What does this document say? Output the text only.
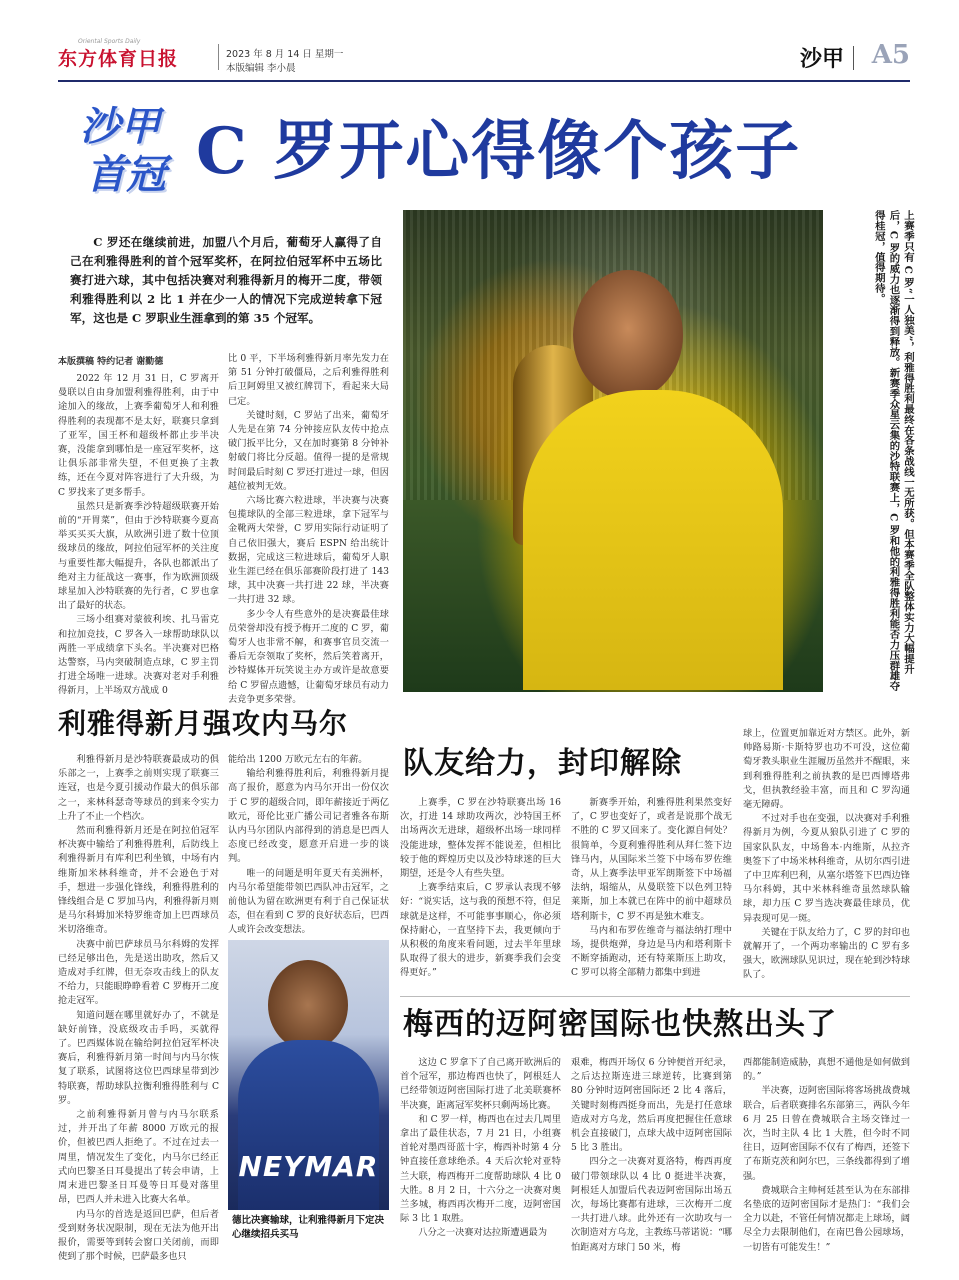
东方体育日报
Oriental Sports Daily
2023 年 8 月 14 日 星期一
本版编辑 李小晨	沙甲 A5
沙甲
首冠 C 罗开心得像个孩子
C 罗还在继续前进，加盟八个月后，葡萄牙人赢得了自己在利雅得胜利的首个冠军奖杯，在阿拉伯冠军杯中五场比赛打进六球，其中包括决赛对利雅得新月的梅开二度，带领利雅得胜利以 2 比 1 并在少一人的情况下完成逆转拿下冠军，这也是 C 罗职业生涯拿到的第 35 个冠军。	上赛季只有 C 罗“一人独美”，利雅得胜利最终在各条战线一无所获。但本赛季全队整体实力大幅提升后，C 罗的威力也逐渐得到释放。新赛季众星云集的沙特联赛上，C 罗和他的利雅得胜利能否力压群雄夺得桂冠，值得期待。
本版撰稿 特约记者 谢勤德
2022 年 12 月 31 日，C 罗离开曼联以自由身加盟利雅得胜利，由于中途加入的缘故，上赛季葡萄牙人和利雅得胜利的表现都不是太好，联赛只拿到了亚军，国王杯和超级杯都止步半决赛，没能拿到哪怕是一座冠军奖杯，这让俱乐部非常失望，不但更换了主教练，还在今夏对阵容进行了大升级，为 C 罗找来了更多帮手。
虽然只是新赛季沙特超级联赛开始前的“开胃菜”，但由于沙特联赛今夏高举买买买大旗，从欧洲引进了数十位顶级球员的缘故，阿拉伯冠军杯的关注度与重要性都大幅提升，各队也都派出了绝对主力征战这一赛事，作为欧洲顶级球星加入沙特联赛的先行者，C 罗也拿出了最好的状态。
三场小组赛对蒙彼利埃、扎马雷克和拉加竞技，C 罗各入一球帮助球队以两胜一平成绩拿下头名。半决赛对巴格达警察，马内突破制造点球，C 罗主罚打进全场唯一进球。决赛对老对手利雅得新月，上半场双方战成 0
比 0 平，下半场利雅得新月率先发力在第 51 分钟打破僵局，之后利雅得胜利后卫阿姆里又被红牌罚下，看起来大局已定。
关键时刻，C 罗站了出来，葡萄牙人先是在第 74 分钟接应队友传中抢点破门扳平比分，又在加时赛第 8 分钟补射破门将比分反超。值得一提的是常规时间最后时刻 C 罗还打进过一球，但因越位被判无效。
六场比赛六粒进球，半决赛与决赛包揽球队的全部三粒进球，拿下冠军与金靴两大荣誉，C 罗用实际行动证明了自己依旧强大，赛后 ESPN 给出统计数据，完成这三粒进球后，葡萄牙人职业生涯已经在俱乐部赛阶段打进了 143 球，其中决赛一共打进 22 球，半决赛一共打进 32 球。
多少令人有些意外的是决赛最佳球员荣誉却没有授予梅开二度的 C 罗，葡萄牙人也非常不解，和赛事官员交流一番后无奈领取了奖杯，然后笑着离开，沙特媒体开玩笑说主办方或许是故意要给 C 罗留点遗憾，让葡萄牙球员有动力去竞争更多荣誉。
利雅得新月强攻内马尔
利雅得新月是沙特联赛最成功的俱乐部之一，上赛季之前则实现了联赛三连冠，也是今夏引援动作最大的俱乐部之一，来林科瑟奇等球员的到来令实力上升了不止一个档次。
然而利雅得新月还是在阿拉伯冠军杯决赛中输给了利雅得胜利，后防线上利雅得新月有库利巴利坐镇，中场有内维斯加米林科维奇，并不会逊色于对手，想进一步强化锋线，利雅得胜利的锋线组合是 C 罗加马内，利雅得新月则是马尔科姆加米特罗维奇加上巴西球员米切洛维奇。
决赛中前巴萨球员马尔科姆的发挥已经足够出色，先是送出助攻，然后又造成对手红牌，但无奈攻击线上的队友不给力，只能眼睁睁看着 C 罗梅开二度抢走冠军。
知道问题在哪里就好办了，不就是缺好前锋，没底级攻击手吗，买就得了。巴西媒体说在输给阿拉伯冠军杯决赛后，利雅得新月第一时间与内马尔恢复了联系，试图将这位巴西球星带到沙特联赛，帮助球队拉衡利雅得胜利与 C 罗。
之前利雅得新月曾与内马尔联系过，并开出了年薪 8000 万欧元的报价，但被巴西人拒绝了。不过在过去一周里，情况发生了变化，内马尔已经正式向巴黎圣日耳曼提出了转会申请，上周末进巴黎圣日耳曼等日耳曼对落里昂，巴西人并未进入比赛大名单。
内马尔的首选是返回巴萨，但后者受到财务状况限制，现在无法为他开出报价，需要等到转会窗口关闭前，而即使到了那个时候，巴萨最多也只
能给出 1200 万欧元左右的年薪。
输给利雅得胜利后，利雅得新月提高了报价，愿意为内马尔开出一份仅次于 C 罗的超级合同，即年薪接近于两亿欧元，哥伦比亚广播公司记者雅各布斯认内马尔团队内部得到的消息是巴西人态度已经改变，愿意开启进一步的谈判。
唯一的问题是明年夏天有美洲杯，内马尔希望能带领巴西队冲击冠军，之前他认为留在欧洲更有利于自己保证状态，但在看到 C 罗的良好状态后，巴西人或许会改变想法。
NEYMAR
德比决赛输球，让利雅得新月下定决心继续招兵买马
队友给力，封印解除
上赛季，C 罗在沙特联赛出场 16 次，打进 14 球助攻两次，沙特国王杯出场两次无进球，超级杯出场一球同样没能进球，整体发挥不能说差，但相比较于他的辉煌历史以及沙特球迷的巨大期望，还是令人有些失望。
上赛季结束后，C 罗承认表现不够好：“说实话，这与我的预想不符，但足球就是这样，不可能事事顺心，你必须保持耐心，一直坚持下去，我更倾向于从积极的角度来看问题，过去半年里球队取得了很大的进步，新赛季我们会变得更好。”
新赛季开始，利雅得胜利果然变好了，C 罗也变好了，或者是说那个战无不胜的 C 罗又回来了。变化源自何处？很简单，今夏利雅得胜利从拜仁签下边锋马内，从国际米兰签下中场布罗佐维奇，从上赛季法甲亚军朗斯签下中场福法纳，塌缩从，从曼联签下以色列卫特莱斯，加上本就已在阵中的前中超球员塔利斯卡，C 罗不再是独木难支。
马内和布罗佐维奇与福法纳打理中场，提供炮弹，身边是马内和塔利斯卡不断穿插跑动，还有特莱斯压上助攻，C 罗可以将全部精力都集中到进
球上，位置更加靠近对方禁区。此外，新帅路易斯·卡斯特罗也功不可没，这位葡萄牙教头职业生涯履历虽然并不醒眼，来到利雅得胜利之前执教的是巴西博塔弗戈，但执教经验丰富，而且和 C 罗沟通毫无障碍。
不过对手也在变强，以决赛对手利雅得新月为例，今夏从狼队引进了 C 罗的国家队队友，中场鲁本·内维斯，从拉齐奥签下了中场米林科维奇，从切尔西引进了中卫库利巴利，从塞尔塔签下巴西边锋马尔科姆，其中米林科维奇虽然球队输球，却力压 C 罗当选决赛最佳球员，优异表现可见一斑。
关键在于队友给力了，C 罗的封印也就解开了，一个两功率输出的 C 罗有多强大，欧洲球队见识过，现在轮到沙特球队了。
梅西的迈阿密国际也快熬出头了
这边 C 罗拿下了自己离开欧洲后的首个冠军，那边梅西也快了，阿根廷人已经带领迈阿密国际打进了北美联赛杯半决赛，距离冠军奖杯只剩两场比赛。
和 C 罗一样，梅西也在过去几周里拿出了最佳状态，7 月 21 日，小组赛首轮对墨西哥蓝十字，梅西补时第 4 分钟直接任意球绝杀。4 天后次轮对亚特兰大联，梅西梅开二度帮助球队 4 比 0 大胜。8 月 2 日，十六分之一决赛对奥兰多城，梅西再次梅开二度，迈阿密国际 3 比 1 取胜。
八分之一决赛对达拉斯遭遇最为
艰难，梅西开场仅 6 分钟便首开纪录，之后达拉斯连进三球逆转，比赛到第 80 分钟时迈阿密国际还 2 比 4 落后，关键时刻梅西挺身而出，先是打任意球造成对方乌龙，然后再度把握住任意球机会直接破门，点球大战中迈阿密国际 5 比 3 胜出。
四分之一决赛对夏洛特，梅西再度破门带领球队以 4 比 0 挺进半决赛，阿根廷人加盟后代表迈阿密国际出场五次，每场比赛都有进球，三次梅开二度一共打进八球。此外还有一次助攻与一次制造对方乌龙，主教练马蒂诺说：“哪怕距离对方球门 50 米，梅
西都能制造威胁，真想不通他是如何做到的。”
半决赛，迈阿密国际将客场挑战费城联合，后者联赛排名东部第三，两队今年 6 月 25 日曾在费城联合主场交锋过一次，当时主队 4 比 1 大胜，但今时不同往日，迈阿密国际不仅有了梅西，还签下了布斯克茨和阿尔巴，三条线都得到了增强。
费城联合主帅柯廷甚至认为在东部排名垫底的迈阿密国际才是热门：“我们会全力以赴，不管任何情况都走上球场，阔尽全力去限制他们，在南巴鲁公园球场，一切皆有可能发生！”
